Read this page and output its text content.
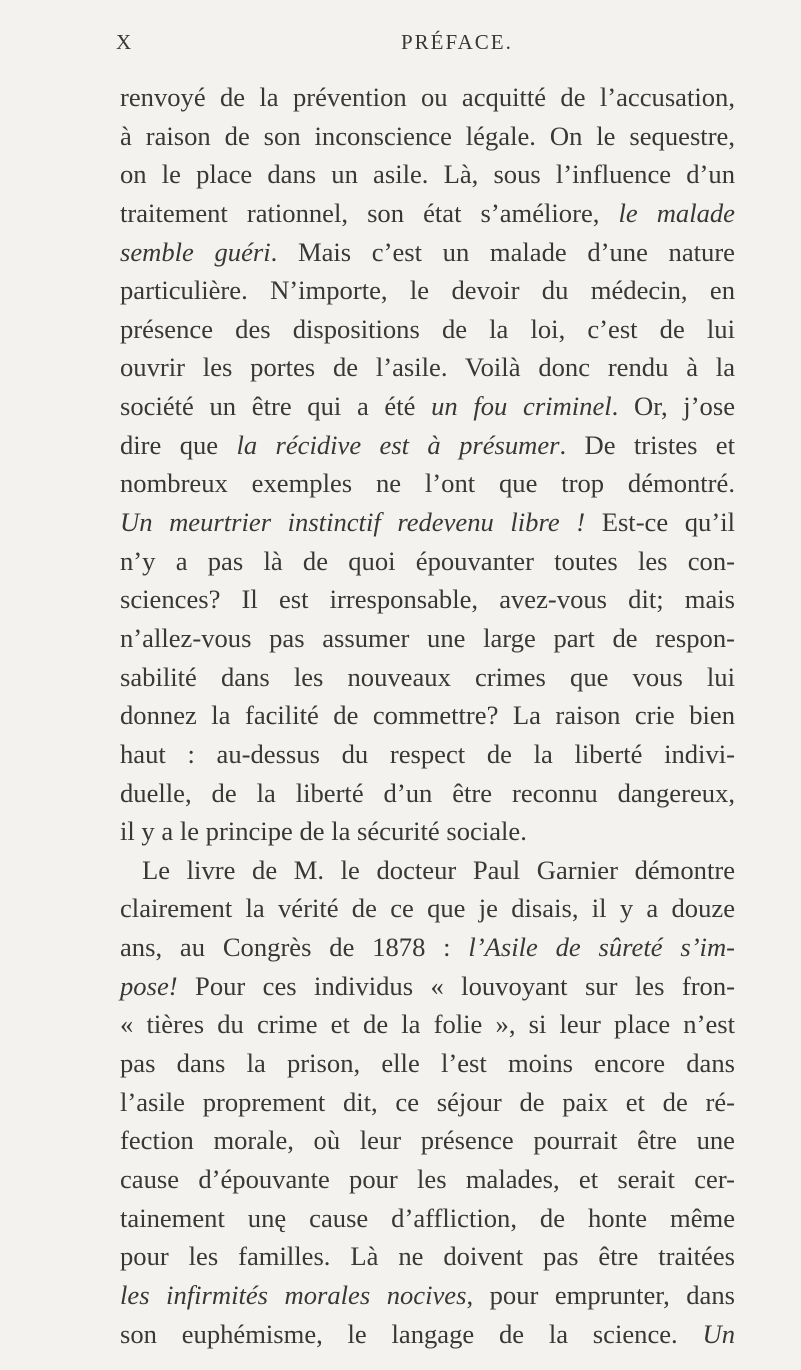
X	PRÉFACE.
renvoyé de la prévention ou acquitté de l’accusation,
à raison de son inconscience légale. On le sequestre,
on le place dans un asile. Là, sous l’influence d’un
traitement rationnel, son état s’améliore, le malade
semble guéri. Mais c’est un malade d’une nature
particulière. N’importe, le devoir du médecin, en
présence des dispositions de la loi, c’est de lui
ouvrir les portes de l’asile. Voilà donc rendu à la
société un être qui a été un fou criminel. Or, j’ose
dire que la récidive est à présumer. De tristes et
nombreux exemples ne l’ont que trop démontré.
Un meurtrier instinctif redevenu libre ! Est-ce qu’il
n’y a pas là de quoi épouvanter toutes les con-
sciences? Il est irresponsable, avez-vous dit; mais
n’allez-vous pas assumer une large part de respon-
sabilité dans les nouveaux crimes que vous lui
donnez la facilité de commettre? La raison crie bien
haut : au-dessus du respect de la liberté indivi-
duelle, de la liberté d’un être reconnu dangereux,
il y a le principe de la sécurité sociale.
Le livre de M. le docteur Paul Garnier démontre
clairement la vérité de ce que je disais, il y a douze
ans, au Congrès de 1878 : l’Asile de sûreté s’im-
pose! Pour ces individus « louvoyant sur les fron-
« tières du crime et de la folie », si leur place n’est
pas dans la prison, elle l’est moins encore dans
l’asile proprement dit, ce séjour de paix et de ré-
fection morale, où leur présence pourrait être une
cause d’épouvante pour les malades, et serait cer-
tainement unę cause d’affliction, de honte même
pour les familles. Là ne doivent pas être traitées
les infirmités morales nocives, pour emprunter, dans
son euphémisme, le langage de la science. Un
